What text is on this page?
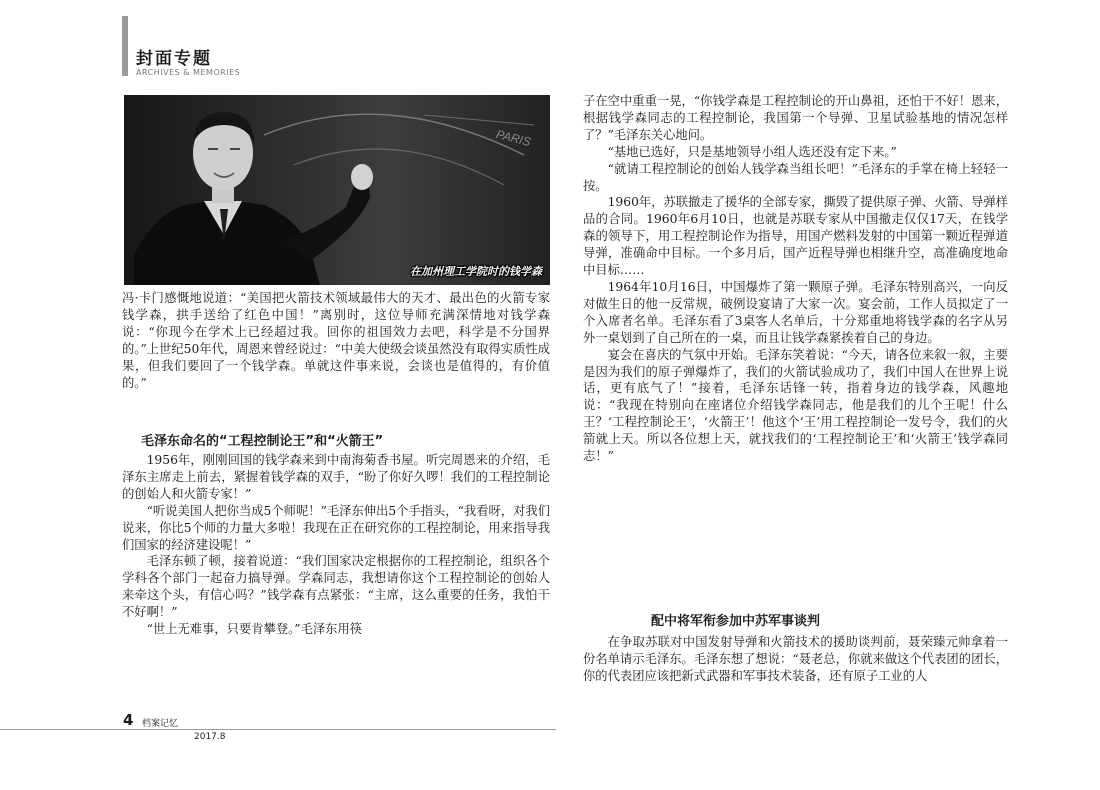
封面专题
ARCHIVES & MEMORIES
PARIS
在加州理工学院时的钱学森

冯·卡门感慨地说道：“美国把火箭技术领域最伟大的天才、最出色的火箭专家钱学森，拱手送给了红色中国！”离别时，这位导师充满深情地对钱学森说：“你现今在学术上已经超过我。回你的祖国效力去吧，科学是不分国界的。”上世纪50年代，周恩来曾经说过：“中美大使级会谈虽然没有取得实质性成果，但我们要回了一个钱学森。单就这件事来说，会谈也是值得的，有价值的。”

毛泽东命名的“工程控制论王”和“火箭王”

1956年，刚刚回国的钱学森来到中南海菊香书屋。听完周恩来的介绍，毛泽东主席走上前去，紧握着钱学森的双手，“盼了你好久啰！我们的工程控制论的创始人和火箭专家！”

“听说美国人把你当成5个师呢！”毛泽东伸出5个手指头，“我看呀，对我们说来，你比5个师的力量大多啦！我现在正在研究你的工程控制论，用来指导我们国家的经济建设呢！”

毛泽东顿了顿，接着说道：“我们国家决定根据你的工程控制论，组织各个学科各个部门一起奋力搞导弹。学森同志，我想请你这个工程控制论的创始人来牵这个头，有信心吗？”钱学森有点紧张：“主席，这么重要的任务，我怕干不好啊！”

“世上无难事，只要肯攀登。”毛泽东用筷

子在空中重重一晃，“你钱学森是工程控制论的开山鼻祖，还怕干不好！恩来，根据钱学森同志的工程控制论，我国第一个导弹、卫星试验基地的情况怎样了？”毛泽东关心地问。

“基地已选好，只是基地领导小组人选还没有定下来。”

“就请工程控制论的创始人钱学森当组长吧！”毛泽东的手掌在椅上轻轻一按。

1960年，苏联撤走了援华的全部专家，撕毁了提供原子弹、火箭、导弹样品的合同。1960年6月10日，也就是苏联专家从中国撤走仅仅17天，在钱学森的领导下，用工程控制论作为指导，用国产燃料发射的中国第一颗近程弹道导弹，准确命中目标。一个多月后，国产近程导弹也相继升空，高准确度地命中目标……

1964年10月16日，中国爆炸了第一颗原子弹。毛泽东特别高兴，一向反对做生日的他一反常规，破例设宴请了大家一次。宴会前，工作人员拟定了一个入席者名单。毛泽东看了3桌客人名单后，十分郑重地将钱学森的名字从另外一桌划到了自己所在的一桌，而且让钱学森紧挨着自己的身边。

宴会在喜庆的气氛中开始。毛泽东笑着说：“今天，请各位来叙一叙，主要是因为我们的原子弹爆炸了，我们的火箭试验成功了，我们中国人在世界上说话，更有底气了！”接着，毛泽东话锋一转，指着身边的钱学森，风趣地说：“我现在特别向在座诸位介绍钱学森同志，他是我们的儿个王呢！什么王？‘工程控制论王’，‘火箭王’！他这个‘王’用工程控制论一发号令，我们的火箭就上天。所以各位想上天，就找我们的‘工程控制论王’和‘火箭王’钱学森同志！”

配中将军衔参加中苏军事谈判

在争取苏联对中国发射导弹和火箭技术的援助谈判前，聂荣臻元帅拿着一份名单请示毛泽东。毛泽东想了想说：“聂老总，你就来做这个代表团的团长，你的代表团应该把新式武器和军事技术装备，还有原子工业的人

4 档案记忆
2017.8
